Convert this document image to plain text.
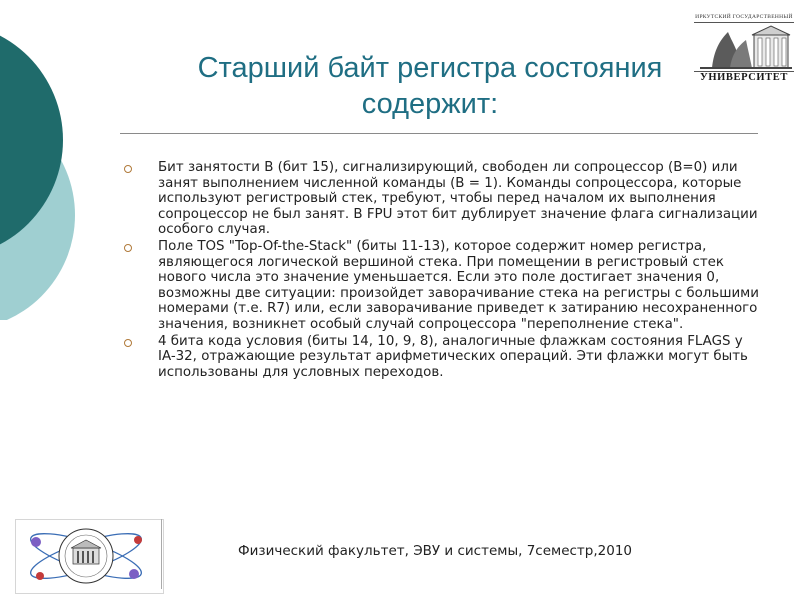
ИРКУТСКИЙ ГОСУДАРСТВЕННЫЙ
УНИВЕРСИТЕТ
Старший байт регистра состояния
содержит:
Бит занятости В (бит 15), сигнализирующий, свободен ли сопроцессор (В=0) или занят выполнением численной команды (В = 1). Команды сопроцессора, которые используют регистровый стек, требуют, чтобы перед началом их выполнения сопроцессор не был занят. В FPU этот бит дублирует значение флага сигнализации особого случая.
Поле TOS "Top-Of-the-Stack" (биты 11-13), которое содержит номер регистра, являющегося логической вершиной стека. При помещении в регистровый стек нового числа это значение уменьшается. Если это поле достигает значения 0, возможны две ситуации: произойдет заворачивание стека на регистры с большими номерами (т.е. R7) или, если заворачивание приведет к затиранию несохраненного значения, возникнет особый случай сопроцессора "переполнение стека".
4 бита кода условия (биты 14, 10, 9, 8), аналогичные флажкам состояния FLAGS у IA-32, отражающие результат арифметических операций. Эти флажки могут быть использованы для условных переходов.
Физический факультет, ЭВУ и системы, 7семестр,2010
